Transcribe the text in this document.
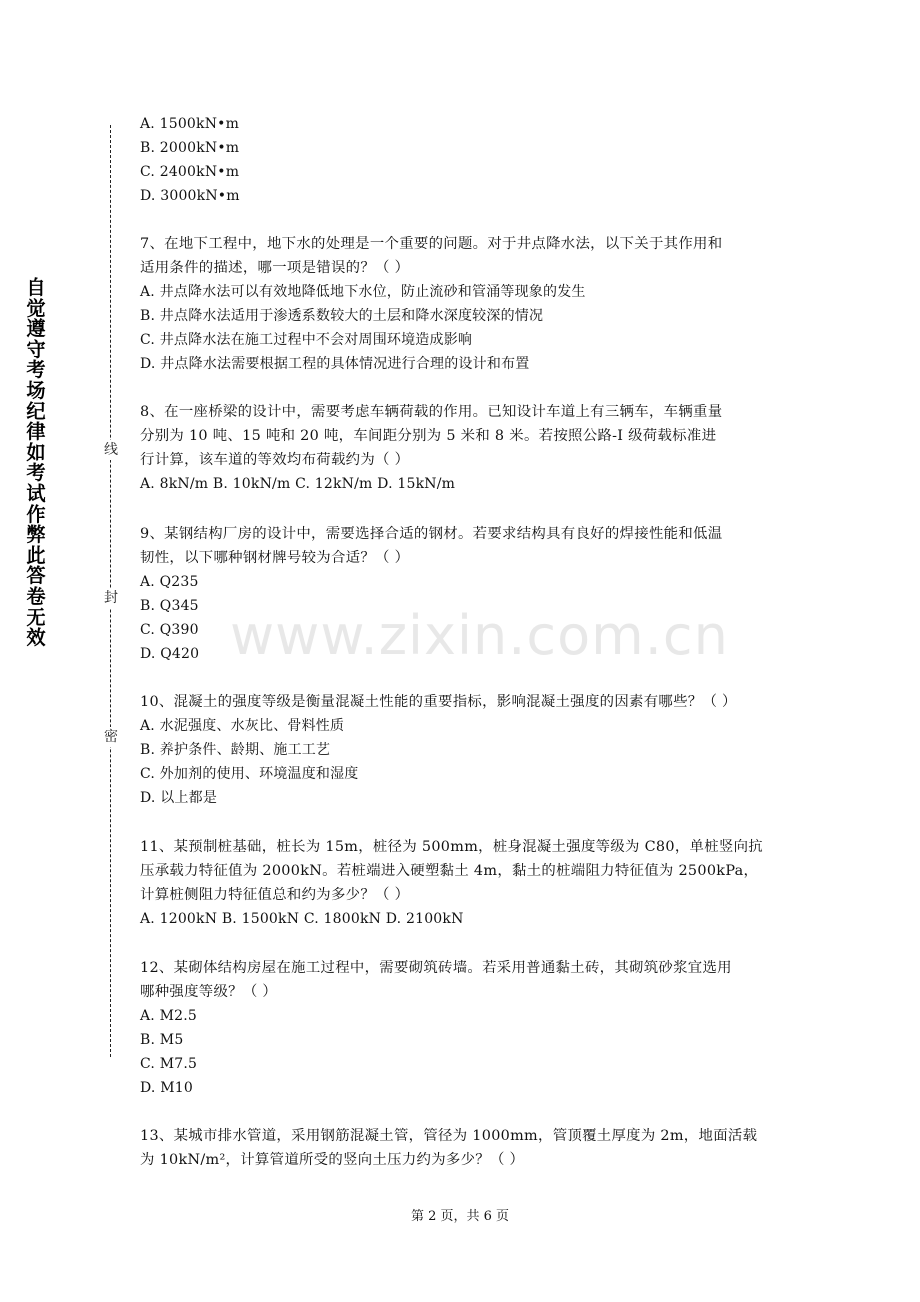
自觉遵守考场纪律如考试作弊此答卷无效
线
封
密
www.zixin.com.cn
A. 1500kN•m
B. 2000kN•m
C. 2400kN•m
D. 3000kN•m
7、在地下工程中，地下水的处理是一个重要的问题。对于井点降水法，以下关于其作用和
适用条件的描述，哪一项是错误的？（ ）
A. 井点降水法可以有效地降低地下水位，防止流砂和管涌等现象的发生
B. 井点降水法适用于渗透系数较大的土层和降水深度较深的情况
C. 井点降水法在施工过程中不会对周围环境造成影响
D. 井点降水法需要根据工程的具体情况进行合理的设计和布置
8、在一座桥梁的设计中，需要考虑车辆荷载的作用。已知设计车道上有三辆车，车辆重量
分别为 10 吨、15 吨和 20 吨，车间距分别为 5 米和 8 米。若按照公路-I 级荷载标准进
行计算，该车道的等效均布荷载约为（ ）
A. 8kN/m B. 10kN/m C. 12kN/m D. 15kN/m
9、某钢结构厂房的设计中，需要选择合适的钢材。若要求结构具有良好的焊接性能和低温
韧性，以下哪种钢材牌号较为合适？（ ）
A. Q235
B. Q345
C. Q390
D. Q420
10、混凝土的强度等级是衡量混凝土性能的重要指标，影响混凝土强度的因素有哪些？（ ）
A. 水泥强度、水灰比、骨料性质
B. 养护条件、龄期、施工工艺
C. 外加剂的使用、环境温度和湿度
D. 以上都是
11、某预制桩基础，桩长为 15m，桩径为 500mm，桩身混凝土强度等级为 C80，单桩竖向抗
压承载力特征值为 2000kN。若桩端进入硬塑黏土 4m，黏土的桩端阻力特征值为 2500kPa，
计算桩侧阻力特征值总和约为多少？（ ）
A. 1200kN B. 1500kN C. 1800kN D. 2100kN
12、某砌体结构房屋在施工过程中，需要砌筑砖墙。若采用普通黏土砖，其砌筑砂浆宜选用
哪种强度等级？（ ）
A. M2.5
B. M5
C. M7.5
D. M10
13、某城市排水管道，采用钢筋混凝土管，管径为 1000mm，管顶覆土厚度为 2m，地面活载
为 10kN/m²，计算管道所受的竖向土压力约为多少？（ ）
第 2 页，共 6 页
